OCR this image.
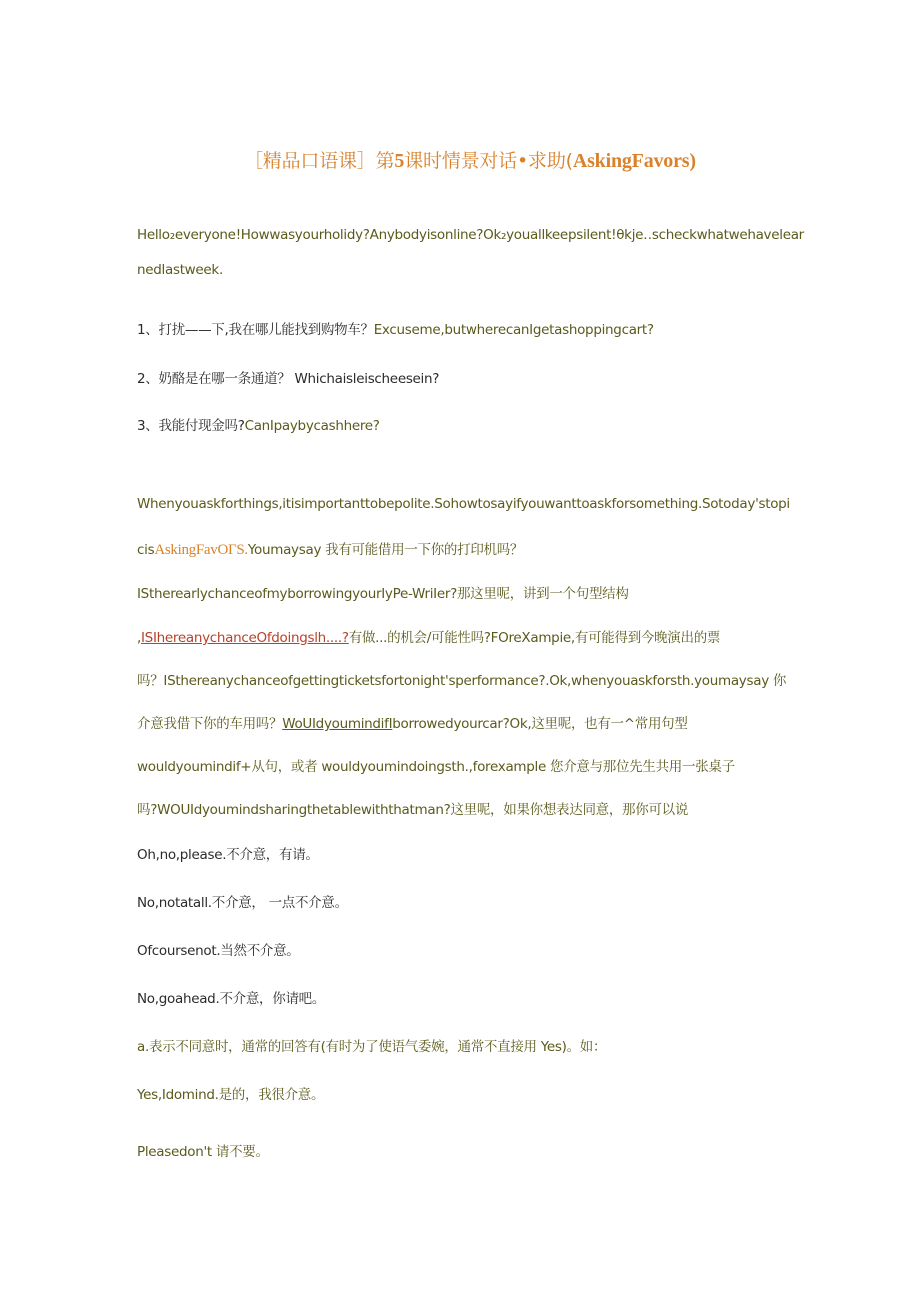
［精品口语课］第5课时情景对话•求助(AskingFavors)
Hello₂everyone!Howwasyourholidy?Anybodyisonline?Ok₂youallkeepsilent!θkje‥scheckwhatwehavelear
nedlastweek.
1、打扰——下,我在哪儿能找到购物车？Excuseme,butwherecanIgetashoppingcart?
2、奶酪是在哪一条通道？ Whichaisleischeesein?
3、我能付现金吗?CanIpaybycashhere?
Whenyouaskforthings,itisimportanttobepolite.Sohowtosayifyouwanttoaskforsomething.Sotoday'stopi
cisAskingFavOΓS.Youmaysay 我有可能借用一下你的打印机吗？
IStherearlychanceofmyborrowingyourIyPe-WriIer?那这里呢，讲到一个句型结构
,ISIhereanychanceOfdoingslh....?有做...的机会/可能性吗?FOreXampie,有可能得到今晚演出的票
吗？ISthereanychanceofgettingticketsfortonight'sperformance?.Ok,whenyouaskforsth.youmaysay 你
介意我借下你的车用吗？WoUIdyoumindifIborrowedyourcar?Ok,这里呢，也有一^常用句型
wouldyoumindif+从句，或者 wouldyoumindoingsth.,forexample 您介意与那位先生共用一张桌子
吗?WOUIdyoumindsharingthetablewiththatman?这里呢，如果你想表达同意，那你可以说
Oh,no,please.不介意，有请。
No,notatall.不介意， 一点不介意。
Ofcoursenot.当然不介意。
No,goahead.不介意，你请吧。
a.表示不同意时，通常的回答有(有时为了使语气委婉，通常不直接用 Yes)。如：
Yes,Idomind.是的，我很介意。
Pleasedon't 请不要。
